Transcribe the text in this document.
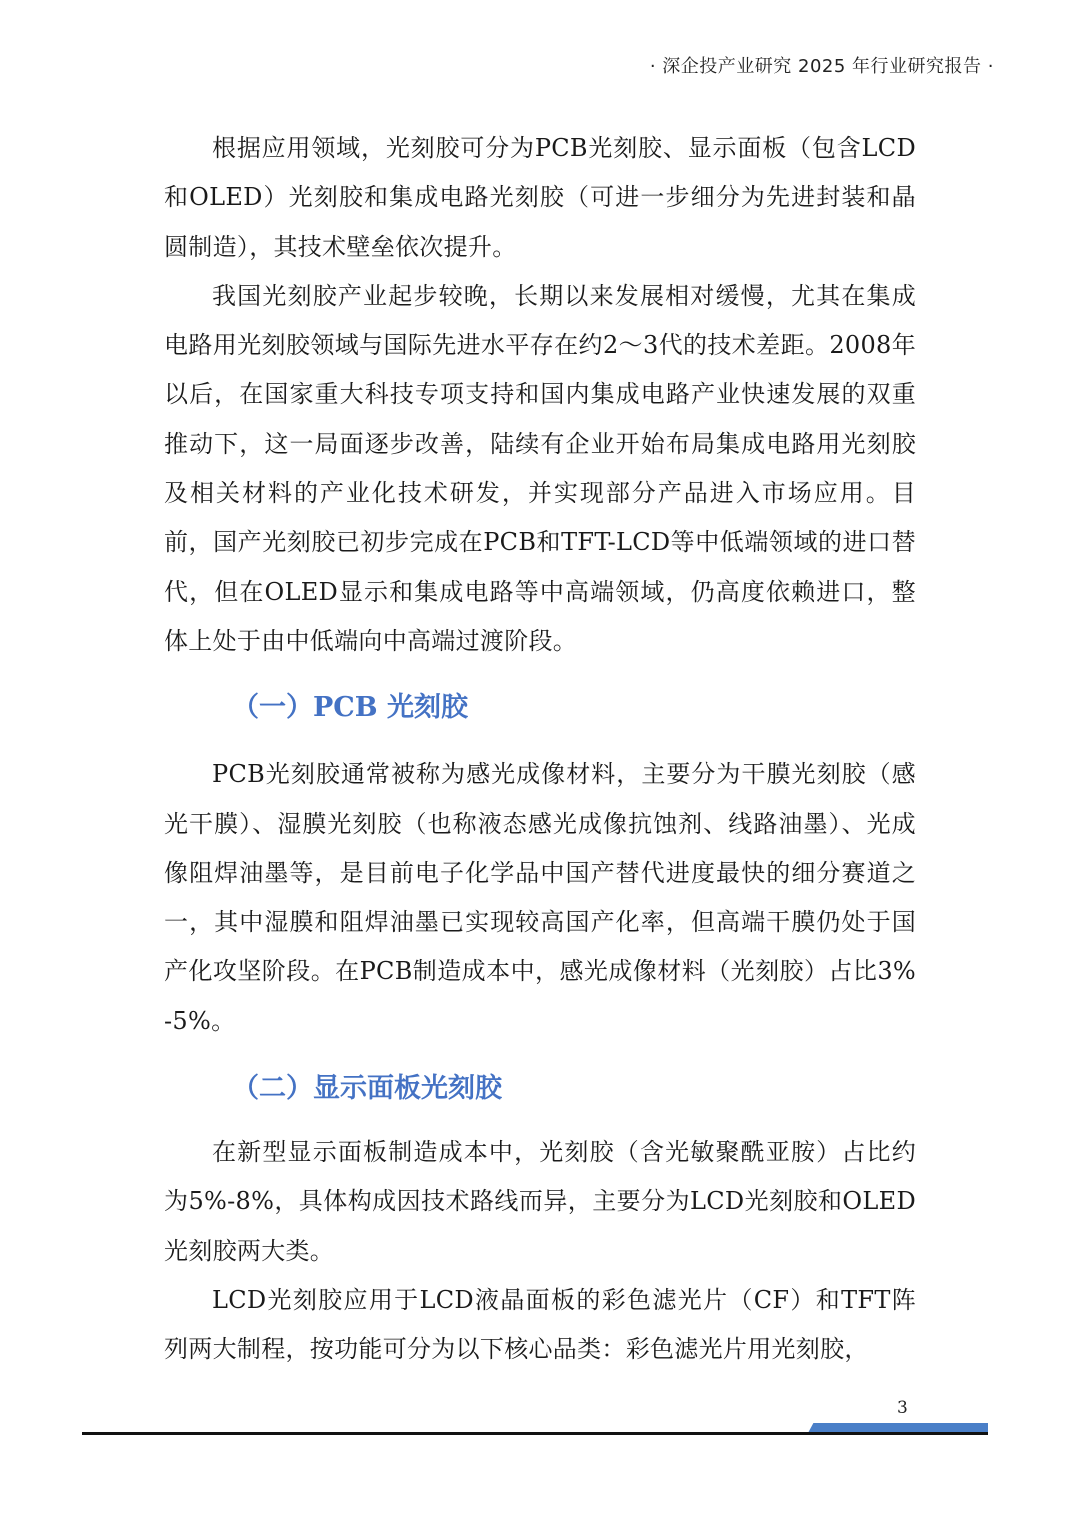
· 深企投产业研究 2025 年行业研究报告 ·

根据应用领域，光刻胶可分为PCB光刻胶、显示面板（包含LCD和OLED）光刻胶和集成电路光刻胶（可进一步细分为先进封装和晶圆制造），其技术壁垒依次提升。

我国光刻胶产业起步较晚，长期以来发展相对缓慢，尤其在集成电路用光刻胶领域与国际先进水平存在约2～3代的技术差距。2008年以后，在国家重大科技专项支持和国内集成电路产业快速发展的双重推动下，这一局面逐步改善，陆续有企业开始布局集成电路用光刻胶及相关材料的产业化技术研发，并实现部分产品进入市场应用。目前，国产光刻胶已初步完成在PCB和TFT-LCD等中低端领域的进口替代，但在OLED显示和集成电路等中高端领域，仍高度依赖进口，整体上处于由中低端向中高端过渡阶段。

（一）PCB 光刻胶

PCB光刻胶通常被称为感光成像材料，主要分为干膜光刻胶（感光干膜）、湿膜光刻胶（也称液态感光成像抗蚀剂、线路油墨）、光成像阻焊油墨等，是目前电子化学品中国产替代进度最快的细分赛道之一，其中湿膜和阻焊油墨已实现较高国产化率，但高端干膜仍处于国产化攻坚阶段。在PCB制造成本中，感光成像材料（光刻胶）占比3%-5%。

（二）显示面板光刻胶

在新型显示面板制造成本中，光刻胶（含光敏聚酰亚胺）占比约为5%-8%，具体构成因技术路线而异，主要分为LCD光刻胶和OLED光刻胶两大类。

LCD光刻胶应用于LCD液晶面板的彩色滤光片（CF）和TFT阵列两大制程，按功能可分为以下核心品类：彩色滤光片用光刻胶，

3
